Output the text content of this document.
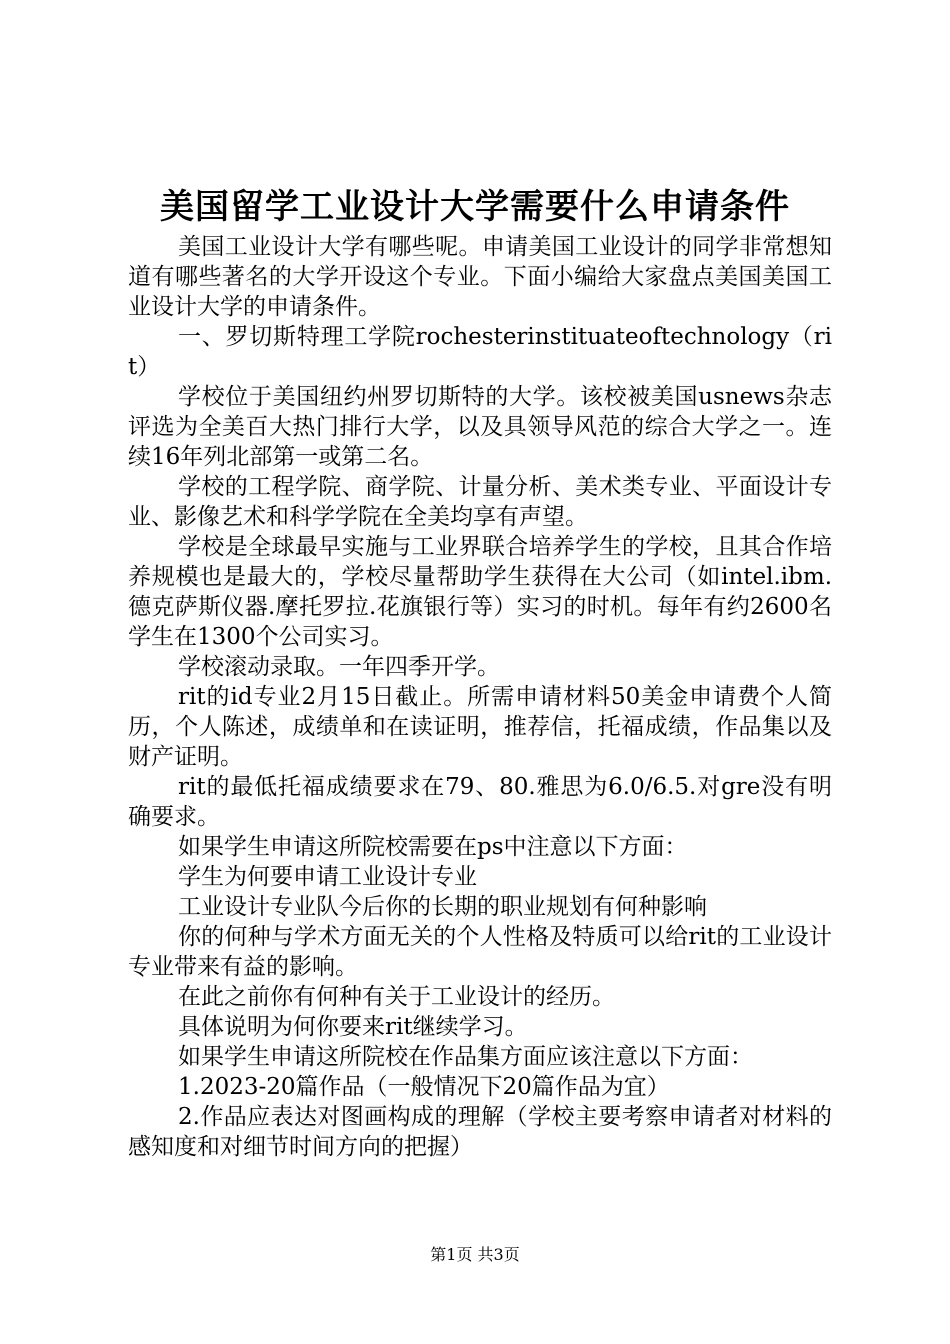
美国留学工业设计大学需要什么申请条件

美国工业设计大学有哪些呢。申请美国工业设计的同学非常想知道有哪些著名的大学开设这个专业。下面小编给大家盘点美国美国工业设计大学的申请条件。

一、罗切斯特理工学院rochesterinstituateoftechnology（rit）

学校位于美国纽约州罗切斯特的大学。该校被美国usnews杂志评选为全美百大热门排行大学，以及具领导风范的综合大学之一。连续16年列北部第一或第二名。

学校的工程学院、商学院、计量分析、美术类专业、平面设计专业、影像艺术和科学学院在全美均享有声望。

学校是全球最早实施与工业界联合培养学生的学校，且其合作培养规模也是最大的，学校尽量帮助学生获得在大公司（如intel.ibm.德克萨斯仪器.摩托罗拉.花旗银行等）实习的时机。每年有约2600名学生在1300个公司实习。

学校滚动录取。一年四季开学。

rit的id专业2月15日截止。所需申请材料50美金申请费个人简历，个人陈述，成绩单和在读证明，推荐信，托福成绩，作品集以及财产证明。

rit的最低托福成绩要求在79、80.雅思为6.0/6.5.对gre没有明确要求。

如果学生申请这所院校需要在ps中注意以下方面：

学生为何要申请工业设计专业

工业设计专业队今后你的长期的职业规划有何种影响

你的何种与学术方面无关的个人性格及特质可以给rit的工业设计专业带来有益的影响。

在此之前你有何种有关于工业设计的经历。

具体说明为何你要来rit继续学习。

如果学生申请这所院校在作品集方面应该注意以下方面：

1.2023-20篇作品（一般情况下20篇作品为宜）

2.作品应表达对图画构成的理解（学校主要考察申请者对材料的感知度和对细节时间方向的把握）

第1页 共3页
